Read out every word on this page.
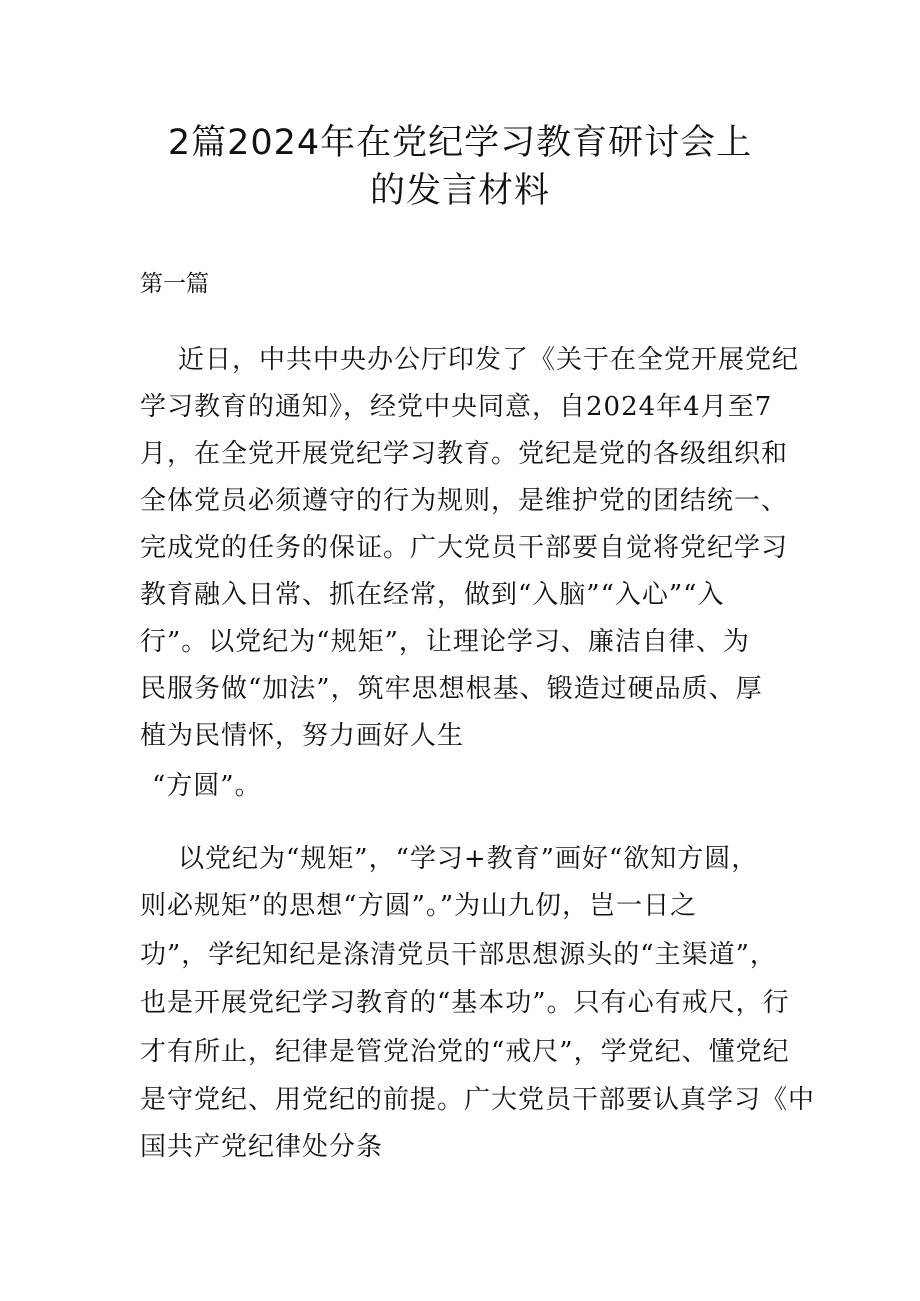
2篇2024年在党纪学习教育研讨会上
的发言材料
第一篇
近日，中共中央办公厅印发了《关于在全党开展党纪
学习教育的通知》，经党中央同意，自2024年4月至7
月，在全党开展党纪学习教育。党纪是党的各级组织和
全体党员必须遵守的行为规则，是维护党的团结统一、
完成党的任务的保证。广大党员干部要自觉将党纪学习
教育融入日常、抓在经常，做到“入脑”“入心”“入
行”。以党纪为“规矩”，让理论学习、廉洁自律、为
民服务做“加法”，筑牢思想根基、锻造过硬品质、厚
植为民情怀，努力画好人生
“方圆”。
以党纪为“规矩”，“学习+教育”画好“欲知方圆，
则必规矩”的思想“方圆”。”为山九仞，岂一日之
功”，学纪知纪是涤清党员干部思想源头的“主渠道”，
也是开展党纪学习教育的“基本功”。只有心有戒尺，行
才有所止，纪律是管党治党的“戒尺”，学党纪、懂党纪
是守党纪、用党纪的前提。广大党员干部要认真学习《中
国共产党纪律处分条
